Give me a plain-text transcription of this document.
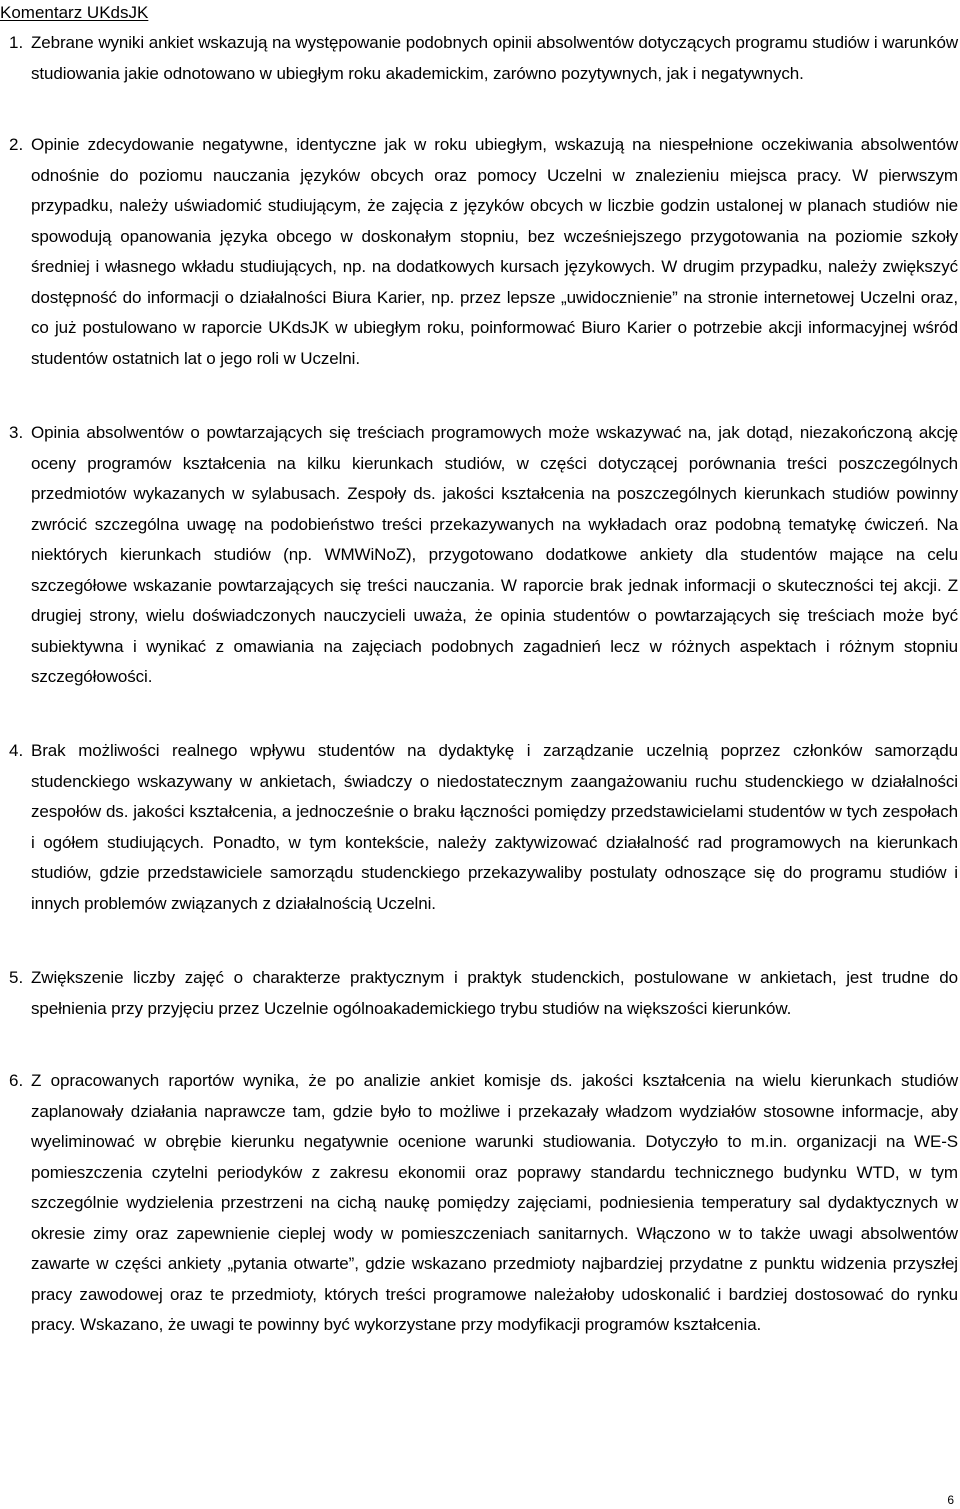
Komentarz UKdsJK
1. Zebrane wyniki ankiet wskazują na występowanie podobnych opinii absolwentów dotyczących programu studiów i warunków studiowania jakie odnotowano w ubiegłym roku akademickim, zarówno pozytywnych, jak i negatywnych.
2. Opinie zdecydowanie negatywne, identyczne jak w roku ubiegłym, wskazują na niespełnione oczekiwania absolwentów odnośnie do poziomu nauczania języków obcych oraz pomocy Uczelni w znalezieniu miejsca pracy. W pierwszym przypadku, należy uświadomić studiującym, że zajęcia z języków obcych w liczbie godzin ustalonej w planach studiów nie spowodują opanowania języka obcego w doskonałym stopniu, bez wcześniejszego przygotowania na poziomie szkoły średniej i własnego wkładu studiujących, np. na dodatkowych kursach językowych. W drugim przypadku, należy zwiększyć dostępność do informacji o działalności Biura Karier, np. przez lepsze „uwidocznienie” na stronie internetowej Uczelni oraz, co już postulowano w raporcie UKdsJK w ubiegłym roku, poinformować Biuro Karier o potrzebie akcji informacyjnej wśród studentów ostatnich lat o jego roli w Uczelni.
3. Opinia absolwentów o powtarzających się treściach programowych może wskazywać na, jak dotąd, niezakończoną akcję oceny programów kształcenia na kilku kierunkach studiów, w części dotyczącej porównania treści poszczególnych przedmiotów wykazanych w sylabusach. Zespoły ds. jakości kształcenia na poszczególnych kierunkach studiów powinny zwrócić szczególna uwagę na podobieństwo treści przekazywanych na wykładach oraz podobną tematykę ćwiczeń. Na niektórych kierunkach studiów (np. WMWiNoZ), przygotowano dodatkowe ankiety dla studentów mające na celu szczegółowe wskazanie powtarzających się treści nauczania. W raporcie brak jednak informacji o skuteczności tej akcji. Z drugiej strony, wielu doświadczonych nauczycieli uważa, że opinia studentów o powtarzających się treściach może być subiektywna i wynikać z omawiania na zajęciach podobnych zagadnień lecz w różnych aspektach i różnym stopniu szczegółowości.
4. Brak możliwości realnego wpływu studentów na dydaktykę i zarządzanie uczelnią poprzez członków samorządu studenckiego wskazywany w ankietach, świadczy o niedostatecznym zaangażowaniu ruchu studenckiego w działalności zespołów ds. jakości kształcenia, a jednocześnie o braku łączności pomiędzy przedstawicielami studentów w tych zespołach i ogółem studiujących. Ponadto, w tym kontekście, należy zaktywizować działalność rad programowych na kierunkach studiów, gdzie przedstawiciele samorządu studenckiego przekazywaliby postulaty odnoszące się do programu studiów i innych problemów związanych z działalnością Uczelni.
5. Zwiększenie liczby zajęć o charakterze praktycznym i praktyk studenckich, postulowane w ankietach, jest trudne do spełnienia przy przyjęciu przez Uczelnie ogólnoakademickiego trybu studiów na większości kierunków.
6. Z opracowanych raportów wynika, że po analizie ankiet komisje ds. jakości kształcenia na wielu kierunkach studiów zaplanowały działania naprawcze tam, gdzie było to możliwe i przekazały władzom wydziałów stosowne informacje, aby wyeliminować w obrębie kierunku negatywnie ocenione warunki studiowania. Dotyczyło to m.in. organizacji na WE-S pomieszczenia czytelni periodyków z zakresu ekonomii oraz poprawy standardu technicznego budynku WTD, w tym szczególnie wydzielenia przestrzeni na cichą naukę pomiędzy zajęciami, podniesienia temperatury sal dydaktycznych w okresie zimy oraz zapewnienie cieplej wody w pomieszczeniach sanitarnych. Włączono w to także uwagi absolwentów zawarte w części ankiety „pytania otwarte”, gdzie wskazano przedmioty najbardziej przydatne z punktu widzenia przyszłej pracy zawodowej oraz te przedmioty, których treści programowe należałoby udoskonalić i bardziej dostosować do rynku pracy. Wskazano, że uwagi te powinny być wykorzystane przy modyfikacji programów kształcenia.
6
